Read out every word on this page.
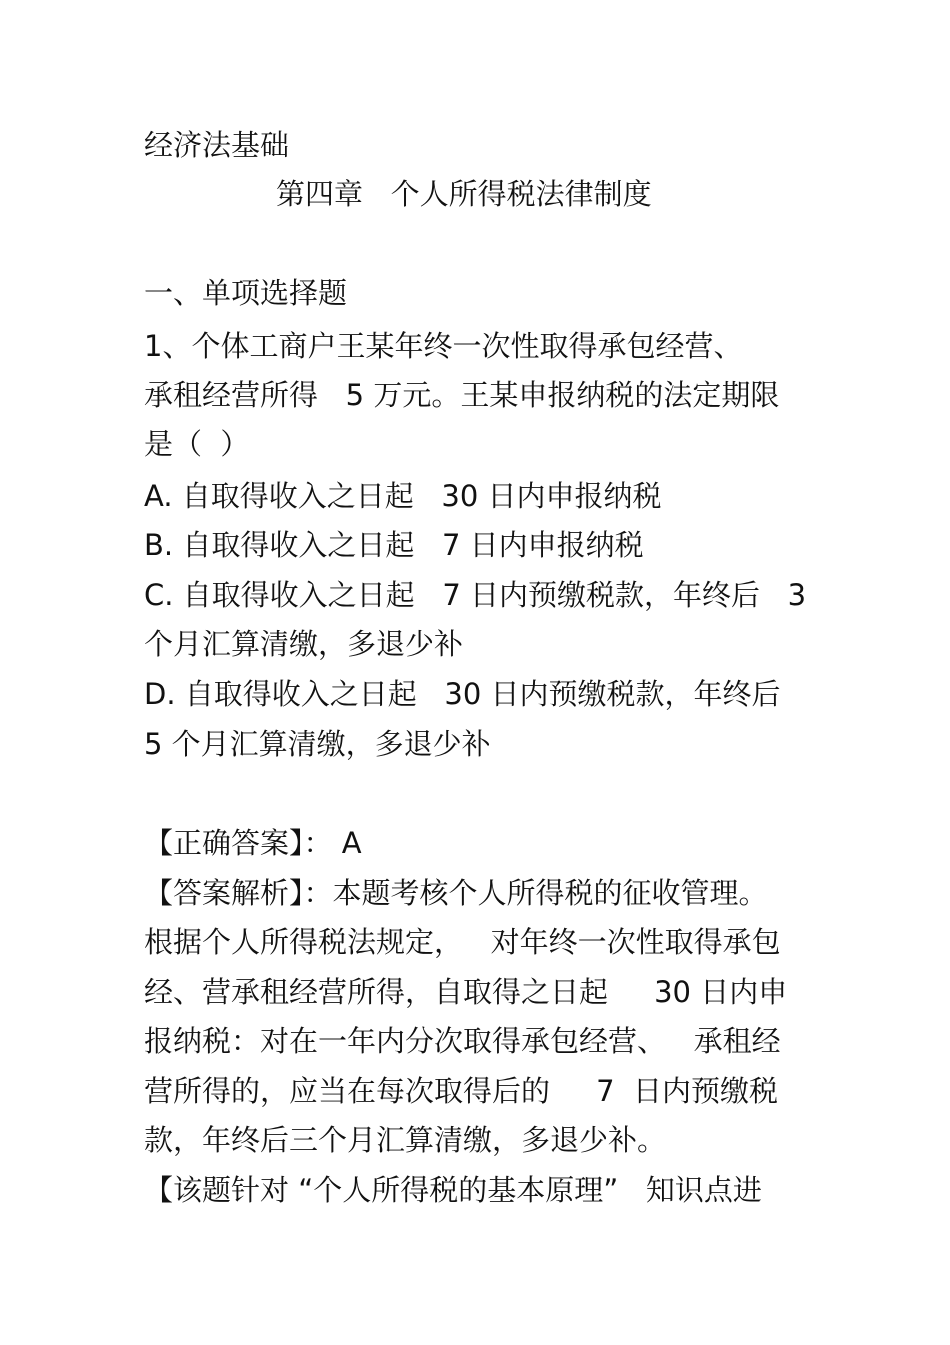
经济法基础

第四章   个人所得税法律制度

一、单项选择题

1、个体工商户王某年终一次性取得承包经营、

承租经营所得   5 万元。王某申报纳税的法定期限

是（  ）

A. 自取得收入之日起   30 日内申报纳税

B. 自取得收入之日起   7 日内申报纳税

C. 自取得收入之日起   7 日内预缴税款，年终后   3

个月汇算清缴，多退少补

D. 自取得收入之日起   30 日内预缴税款，年终后

5 个月汇算清缴，多退少补

【正确答案】： A

【答案解析】：本题考核个人所得税的征收管理。

根据个人所得税法规定，   对年终一次性取得承包

经、营承租经营所得，自取得之日起     30 日内申

报纳税：对在一年内分次取得承包经营、   承租经

营所得的，应当在每次取得后的     7  日内预缴税

款，年终后三个月汇算清缴，多退少补。

【该题针对 “个人所得税的基本原理”   知识点进
